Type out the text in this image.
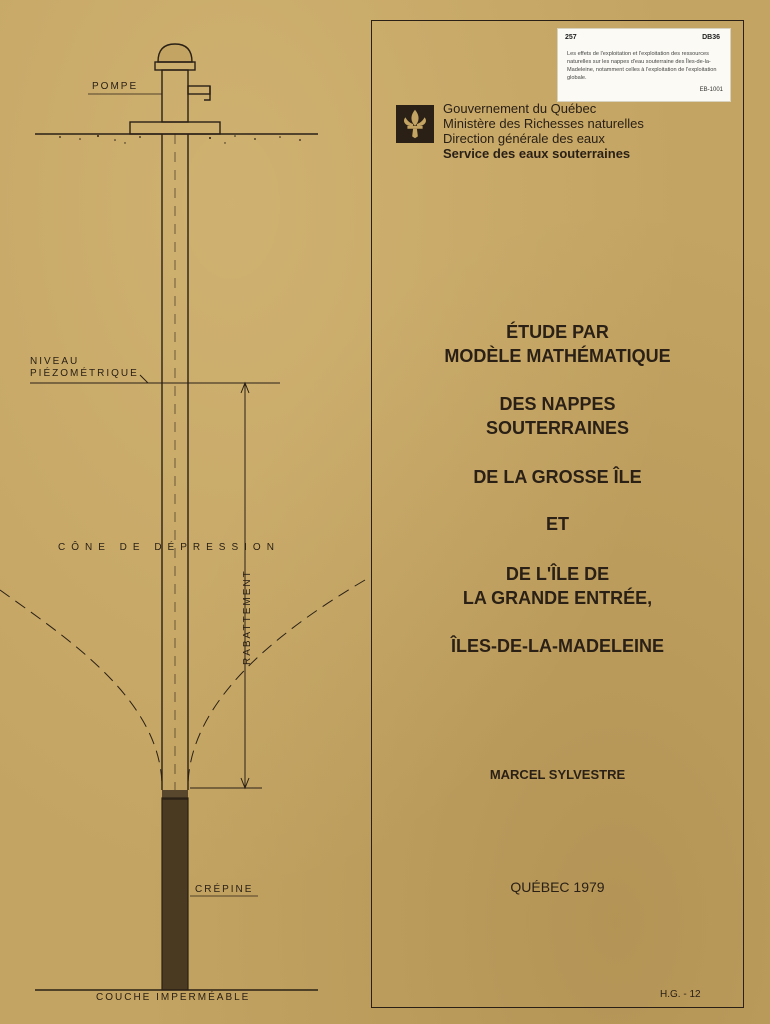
POMPE
NIVEAU
PIÉZOMÉTRIQUE
CÔNE DE DÉPRESSION
RABATTEMENT
CRÉPINE
COUCHE IMPERMÉABLE
257	DB36
Les effets de l'exploitation et l'exploitation des ressources naturelles sur les nappes d'eau souterraine des Îles-de-la-Madeleine, notamment celles à l'exploitation de l'exploitation globale.
EB-1001
Gouvernement du Québec
Ministère des Richesses naturelles
Direction générale des eaux
Service des eaux souterraines
ÉTUDE PAR
MODÈLE MATHÉMATIQUE
DES NAPPES
SOUTERRAINES
DE LA GROSSE ÎLE
ET
DE L'ÎLE DE
LA GRANDE ENTRÉE,
ÎLES-DE-LA-MADELEINE
MARCEL SYLVESTRE
QUÉBEC 1979
H.G. - 12
